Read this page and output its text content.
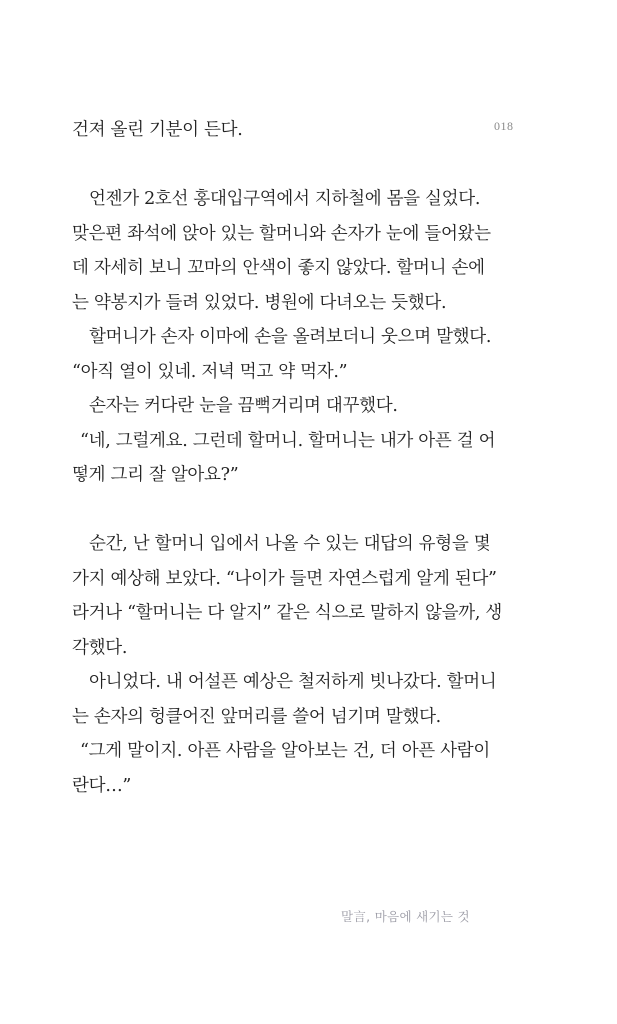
018
건져 올린 기분이 든다.
언젠가 2호선 홍대입구역에서 지하철에 몸을 실었다.
맞은편 좌석에 앉아 있는 할머니와 손자가 눈에 들어왔는
데 자세히 보니 꼬마의 안색이 좋지 않았다. 할머니 손에
는 약봉지가 들려 있었다. 병원에 다녀오는 듯했다.
할머니가 손자 이마에 손을 올려보더니 웃으며 말했다.
“아직 열이 있네. 저녁 먹고 약 먹자.”
손자는 커다란 눈을 끔뻑거리며 대꾸했다.
“네, 그럴게요. 그런데 할머니. 할머니는 내가 아픈 걸 어
떻게 그리 잘 알아요?”
순간, 난 할머니 입에서 나올 수 있는 대답의 유형을 몇
가지 예상해 보았다. “나이가 들면 자연스럽게 알게 된다”
라거나 “할머니는 다 알지” 같은 식으로 말하지 않을까, 생
각했다.
아니었다. 내 어설픈 예상은 철저하게 빗나갔다. 할머니
는 손자의 헝클어진 앞머리를 쓸어 넘기며 말했다.
“그게 말이지. 아픈 사람을 알아보는 건, 더 아픈 사람이
란다…”
말言, 마음에 새기는 것
